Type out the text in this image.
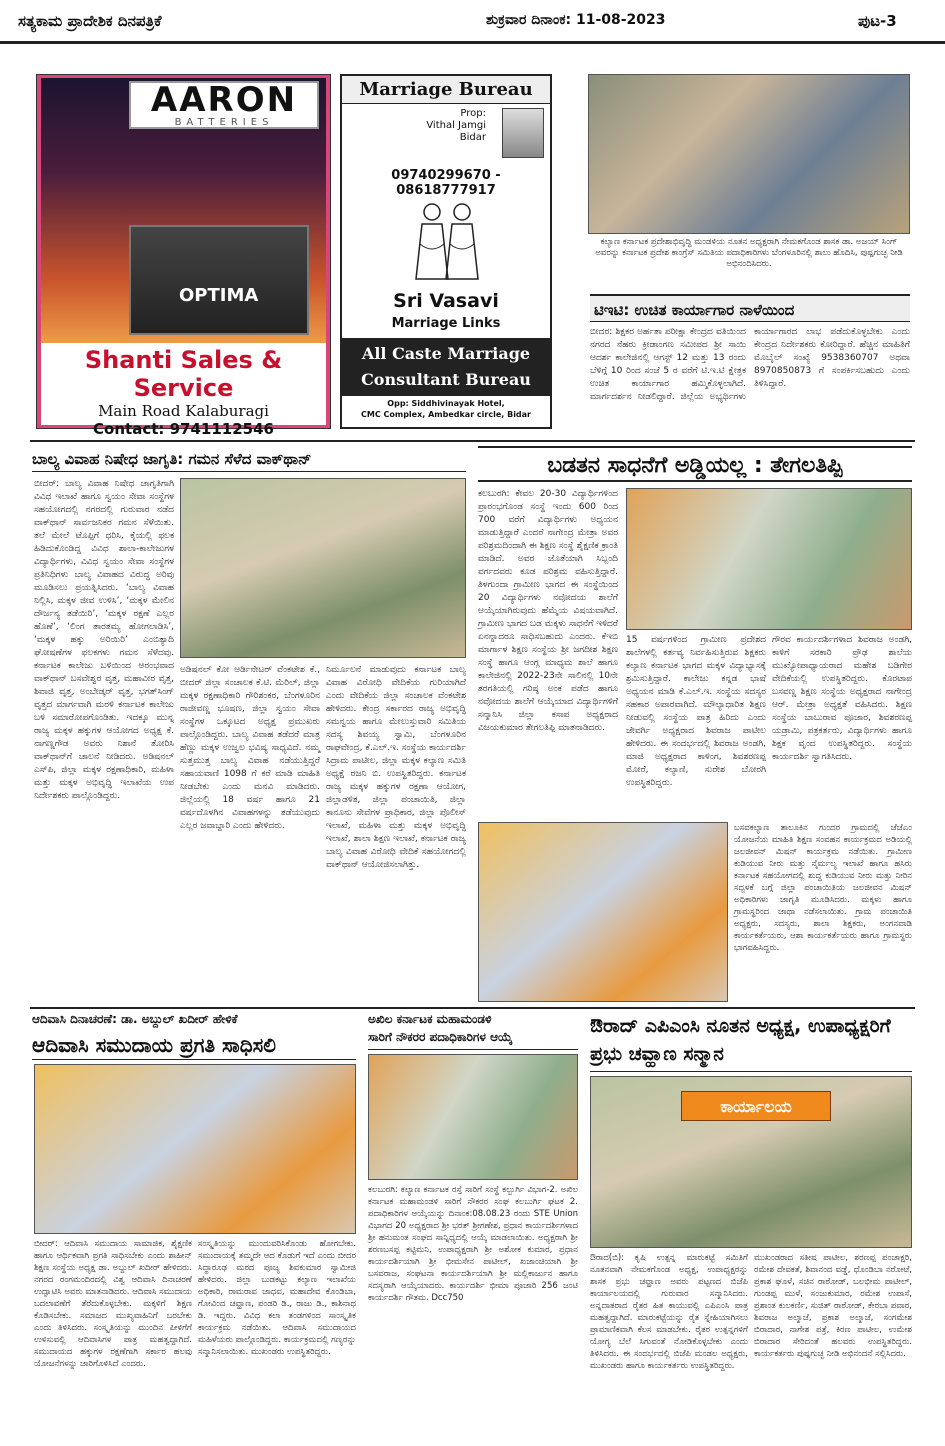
ಸತ್ಯಕಾಮ ಪ್ರಾದೇಶಿಕ ದಿನಪತ್ರಿಕೆ	ಶುಕ್ರವಾರ ದಿನಾಂಕ: 11-08-2023	ಪುಟ-3
AARON
BATTERIES
OPTIMA
Shanti Sales & Service
Main Road Kalaburagi
Contact: 9741112546
Marriage Bureau
Prop:
Vithal Jamgi
Bidar
09740299670 - 08618777917
Sri Vasavi
Marriage Links
All Caste Marriage
Consultant Bureau
Opp: Siddhivinayak Hotel,
CMC Complex, Ambedkar circle, Bidar
ಕಲ್ಯಾಣ ಕರ್ನಾಟಕ ಪ್ರದೇಶಾಭಿವೃದ್ಧಿ ಮಂಡಳಿಯ ನೂತನ ಅಧ್ಯಕ್ಷರಾಗಿ ನೇಮಕಗೊಂಡ ಶಾಸಕ ಡಾ. ಅಜಯ್ ಸಿಂಗ್ ಅವರನ್ನು ಕರ್ನಾಟಕ ಪ್ರದೇಶ ಕಾಂಗ್ರೆಸ್ ಸಮಿತಿಯ ಪದಾಧಿಕಾರಿಗಳು ಬೆಂಗಳೂರಿನಲ್ಲಿ ಶಾಲು ಹೊದಿಸಿ, ಪುಷ್ಪಗುಚ್ಛ ನೀಡಿ ಅಭಿನಂದಿಸಿದರು.
ಟಿಇಟಿ: ಉಚಿತ ಕಾರ್ಯಾಗಾರ ನಾಳೆಯಿಂದ
ಬೀದರ: ಶಿಕ್ಷಕರ ಅರ್ಹತಾ ಪರೀಕ್ಷಾ ಕೇಂದ್ರದ ವತಿಯಿಂದ ನಗರದ ನೆಹರು ಕ್ರೀಡಾಂಗಣ ಸಮೀಪದ ಶ್ರೀ ಸಾಯಿ ಆದರ್ಶ ಕಾಲೇಜಿನಲ್ಲಿ ಆಗಸ್ಟ್ 12 ಮತ್ತು 13 ರಂದು ಬೆಳಿಗ್ಗೆ 10 ರಿಂದ ಸಂಜೆ 5 ರ ವರೆಗೆ ಟಿ.ಇ.ಟಿ ಕ್ಷೇತ್ರಕ ಉಚಿತ ಕಾರ್ಯಾಗಾರ ಹಮ್ಮಿಕೊಳ್ಳಲಾಗಿದೆ. ಮಾರ್ಗದರ್ಶನ ನೀಡಲಿದ್ದಾರೆ. ಜಿಲ್ಲೆಯ ಅಭ್ಯರ್ಥಿಗಳು ಕಾರ್ಯಾಗಾರದ ಲಾಭ ಪಡೆದುಕೊಳ್ಳಬೇಕು ಎಂದು ಕೇಂದ್ರದ ನಿರ್ದೇಶಕರು ಕೋರಿದ್ದಾರೆ. ಹೆಚ್ಚಿನ ಮಾಹಿತಿಗೆ ಮೊಬೈಲ್ ಸಂಖ್ಯೆ 9538360707 ಅಥವಾ 8970850873 ಗೆ ಸಂಪರ್ಕಿಸಬಹುದು ಎಂದು ತಿಳಿಸಿದ್ದಾರೆ.
ಬಾಲ್ಯ ವಿವಾಹ ನಿಷೇಧ ಜಾಗೃತಿ: ಗಮನ ಸೆಳೆದ ವಾಕ್‌ಥಾನ್
ಬೀದರ್: ಬಾಲ್ಯ ವಿವಾಹ ನಿಷೇಧ ಜಾಗೃತಿಗಾಗಿ ವಿವಿಧ ಇಲಾಖೆ ಹಾಗೂ ಸ್ವಯಂ ಸೇವಾ ಸಂಸ್ಥೆಗಳ ಸಹಯೋಗದಲ್ಲಿ ನಗರದಲ್ಲಿ ಗುರುವಾರ ನಡೆದ ವಾಕ್‌ಥಾನ್ ಸಾರ್ವಜನಿಕರ ಗಮನ ಸೆಳೆಯಿತು. ತಲೆ ಮೇಲೆ ಟೊಪ್ಪಿಗೆ ಧರಿಸಿ, ಕೈಯಲ್ಲಿ ಫಲಕ ಹಿಡಿದುಕೊಂಡಿದ್ದ ವಿವಿಧ ಶಾಲಾ-ಕಾಲೇಜುಗಳ ವಿದ್ಯಾರ್ಥಿಗಳು, ವಿವಿಧ ಸ್ವಯಂ ಸೇವಾ ಸಂಸ್ಥೆಗಳ ಪ್ರತಿನಿಧಿಗಳು ಬಾಲ್ಯ ವಿವಾಹದ ವಿರುದ್ಧ ಅರಿವು ಮೂಡಿಸಲು ಪ್ರಯತ್ನಿಸಿದರು. ‘ಬಾಲ್ಯ ವಿವಾಹ ನಿಲ್ಲಿಸಿ, ಮಕ್ಕಳ ಜೀವ ಉಳಿಸಿ’, ‘ಮಕ್ಕಳ ಮೇಲಿನ ದೌರ್ಜನ್ಯ ತಡೆಯಿರಿ’, ‘ಮಕ್ಕಳ ರಕ್ಷಣೆ ಎಲ್ಲರ ಹೊಣೆ’, ‘ಲಿಂಗ ತಾರತಮ್ಯ ಹೋಗಲಾಡಿಸಿ’, ‘ಮಕ್ಕಳ ಹಕ್ಕು ಅರಿಯಿರಿ’ ಎಂಬಿತ್ಯಾದಿ ಘೋಷಣೆಗಳ ಫಲಕಗಳು ಗಮನ ಸೆಳೆದವು. ಕರ್ನಾಟಕ ಕಾಲೇಜು ಬಳಿಯಿಂದ ಆರಂಭವಾದ ವಾಕ್‌ಥಾನ್ ಬಸವೇಶ್ವರ ವೃತ್ತ, ಮಹಾವೀರ ವೃತ್ತ, ಶಿವಾಜಿ ವೃತ್ತ, ಅಂಬೇಡ್ಕರ್ ವೃತ್ತ, ಭಗತ್‌ಸಿಂಗ್ ವೃತ್ತದ ಮಾರ್ಗವಾಗಿ ಮರಳಿ ಕರ್ನಾಟಕ ಕಾಲೇಜು ಬಳಿ ಸಮಾರೋಪಗೊಂಡಿತು. ಇದಕ್ಕೂ ಮುನ್ನ ರಾಜ್ಯ ಮಕ್ಕಳ ಹಕ್ಕುಗಳ ಆಯೋಗದ ಅಧ್ಯಕ್ಷ ಕೆ. ನಾಗಣ್ಣಗೌಡ ಅವರು ನಿಶಾನೆ ತೋರಿಸಿ ವಾಕ್‌ಥಾನ್‌ಗೆ ಚಾಲನೆ ನೀಡಿದರು. ಅಡಿಷನಲ್ ಎಸ್‌ಪಿ, ಜಿಲ್ಲಾ ಮಕ್ಕಳ ರಕ್ಷಣಾಧಿಕಾರಿ, ಮಹಿಳಾ ಮತ್ತು ಮಕ್ಕಳ ಅಭಿವೃದ್ಧಿ ಇಲಾಖೆಯ ಉಪ ನಿರ್ದೇಶಕರು ಪಾಲ್ಗೊಂಡಿದ್ದರು.
ಅಡಿಷನಲ್ ಕೋ ಆರ್ಡಿನೇಟರ್ ವೆಂಕಟೇಶ ಕೆ., ಬೀದರ್ ಜಿಲ್ಲಾ ಸಂಚಾಲಕ ಕೆ.ಟಿ. ಮೆರಿಲ್, ಜಿಲ್ಲಾ ಮಕ್ಕಳ ರಕ್ಷಣಾಧಿಕಾರಿ ಗೌರಿಶಂಕರ, ಬೆಂಗಳೂರಿನ ರಾಜೀವಣ್ಣ ಭೂಷಣ, ಜಿಲ್ಲಾ ಸ್ವಯಂ ಸೇವಾ ಸಂಸ್ಥೆಗಳ ಒಕ್ಕೂಟದ ಅಧ್ಯಕ್ಷ ಪ್ರಮುಖರು ಪಾಲ್ಗೊಂಡಿದ್ದರು. ಬಾಲ್ಯ ವಿವಾಹ ತಡೆದರೆ ಮಾತ್ರ ಹೆಣ್ಣು ಮಕ್ಕಳ ಉಜ್ವಲ ಭವಿಷ್ಯ ಸಾಧ್ಯವಿದೆ. ನಮ್ಮ ಸುತ್ತಮುತ್ತ ಬಾಲ್ಯ ವಿವಾಹ ನಡೆಯುತ್ತಿದ್ದರೆ ಸಹಾಯವಾಣಿ 1098 ಗೆ ಕರೆ ಮಾಡಿ ಮಾಹಿತಿ ನೀಡಬೇಕು ಎಂದು ಮನವಿ ಮಾಡಿದರು. ಜಿಲ್ಲೆಯಲ್ಲಿ 18 ವರ್ಷ ಹಾಗೂ 21 ವರ್ಷದೊಳಗಿನ ವಿವಾಹಗಳನ್ನು ತಡೆಯುವುದು ಎಲ್ಲರ ಜವಾಬ್ದಾರಿ ಎಂದು ಹೇಳಿದರು.
ನಿರ್ಮೂಲನೆ ಮಾಡುವುದು ಕರ್ನಾಟಕ ಬಾಲ್ಯ ವಿವಾಹ ವಿರೋಧಿ ವೇದಿಕೆಯ ಗುರಿಯಾಗಿದೆ ಎಂದು ವೇದಿಕೆಯ ಜಿಲ್ಲಾ ಸಂಚಾಲಕ ವೆಂಕಟೇಶ ಹೇಳಿದರು. ಕೇಂದ್ರ ಸರ್ಕಾರದ ರಾಜ್ಯ ಅಭಿವೃದ್ಧಿ ಸಮನ್ವಯ ಹಾಗೂ ಮೇಲುಸ್ತುವಾರಿ ಸಮಿತಿಯ ಸದಸ್ಯ ಶಿವಯ್ಯ ಸ್ವಾಮಿ, ಬೆಂಗಳೂರಿನ ರಾಘವೇಂದ್ರ, ಕೆ.ಎಲ್.ಇ. ಸಂಸ್ಥೆಯ ಕಾರ್ಯದರ್ಶಿ ಸಿದ್ರಾಮ ಪಾಟೀಲ, ಜಿಲ್ಲಾ ಮಕ್ಕಳ ಕಲ್ಯಾಣ ಸಮಿತಿ ಅಧ್ಯಕ್ಷೆ ರಜನಿ ಬಿ. ಉಪಸ್ಥಿತರಿದ್ದರು. ಕರ್ನಾಟಕ ರಾಜ್ಯ ಮಕ್ಕಳ ಹಕ್ಕುಗಳ ರಕ್ಷಣಾ ಆಯೋಗ, ಜಿಲ್ಲಾಡಳಿತ, ಜಿಲ್ಲಾ ಪಂಚಾಯಿತಿ, ಜಿಲ್ಲಾ ಕಾನೂನು ಸೇವೆಗಳ ಪ್ರಾಧಿಕಾರ, ಜಿಲ್ಲಾ ಪೊಲೀಸ್ ಇಲಾಖೆ, ಮಹಿಳಾ ಮತ್ತು ಮಕ್ಕಳ ಅಭಿವೃದ್ಧಿ ಇಲಾಖೆ, ಶಾಲಾ ಶಿಕ್ಷಣ ಇಲಾಖೆ, ಕರ್ನಾಟಕ ರಾಜ್ಯ ಬಾಲ್ಯ ವಿವಾಹ ವಿರೋಧಿ ವೇದಿಕೆ ಸಹಯೋಗದಲ್ಲಿ ವಾಕ್‌ಥಾನ್ ಆಯೋಜಿಸಲಾಗಿತ್ತು.
ಬಡತನ ಸಾಧನೆಗೆ ಅಡ್ಡಿಯಲ್ಲ : ತೇಗಲತಿಪ್ಪಿ
ಕಲಬುರಗಿ: ಕೇವಲ 20-30 ವಿದ್ಯಾರ್ಥಿಗಳಿಂದ ಪ್ರಾರಂಭಗೊಂಡ ಸಂಸ್ಥೆ ಇಂದು 600 ರಿಂದ 700 ವರೆಗೆ ವಿದ್ಯಾರ್ಥಿಗಳು ಅಧ್ಯಯನ ಮಾಡುತ್ತಿದ್ದಾರೆ ಎಂದರೆ ನಾಗೇಂದ್ರ ಮೇತ್ರಾ ಅವರ ಪರಿಶ್ರಮದಿಂದಾಗಿ ಈ ಶಿಕ್ಷಣ ಸಂಸ್ಥೆ ಶೈಕ್ಷಣಿಕ ಕ್ರಾಂತಿ ಮಾಡಿದೆ. ಅವರ ಜೊತೆಯಾಗಿ ಸಿಬ್ಬಂದಿ ವರ್ಗದವರು ಕೂಡ ಪರಿಶ್ರಮ ವಹಿಸುತ್ತಿದ್ದಾರೆ. ತಿಳಗುಂದಾ ಗ್ರಾಮೀಣ ಭಾಗದ ಈ ಸಂಸ್ಥೆಯಿಂದ 20 ವಿದ್ಯಾರ್ಥಿಗಳು ನವೋದಯ ಶಾಲೆಗೆ ಆಯ್ಕೆಯಾಗಿರುವುದು ಹೆಮ್ಮೆಯ ವಿಷಯವಾಗಿದೆ. ಗ್ರಾಮೀಣ ಭಾಗದ ಬಡ ಮಕ್ಕಳು ಸಾಧನೆಗೆ ಇಳಿದರೆ ಏನನ್ನಾದರೂ ಸಾಧಿಸಬಹುದು ಎಂದರು. ಕೆಇಬಿ ಮಾರ್ಗಾಳ ಶಿಕ್ಷಣ ಸಂಸ್ಥೆಯ ಶ್ರೀ ಜಗದೀಶ ಶಿಕ್ಷಣ ಸಂಸ್ಥೆ ಹಾಗೂ ಆಂಗ್ಲ ಮಾಧ್ಯಮ ಶಾಲೆ ಹಾಗೂ ಕಾಲೇಜಿನಲ್ಲಿ 2022-23ನೇ ಸಾಲಿನಲ್ಲಿ 10ನೇ ತರಗತಿಯಲ್ಲಿ ಗರಿಷ್ಠ ಅಂಕ ಪಡೆದ ಹಾಗೂ ನವೋದಯ ಶಾಲೆಗೆ ಆಯ್ಕೆಯಾದ ವಿದ್ಯಾರ್ಥಿಗಳಿಗೆ ಸನ್ಮಾನಿಸಿ ಜಿಲ್ಲಾ ಕಸಾಪ ಅಧ್ಯಕ್ಷರಾದ ವಿಜಯಕುಮಾರ ತೇಗಲತಿಪ್ಪಿ ಮಾತನಾಡಿದರು.
15 ವರ್ಷಗಳಿಂದ ಗ್ರಾಮೀಣ ಪ್ರದೇಶದ ಶಾಲೆಗಳಲ್ಲಿ ಕರ್ತವ್ಯ ನಿರ್ವಹಿಸುತ್ತಿರುವ ಶಿಕ್ಷಕರು ಕಲ್ಯಾಣ ಕರ್ನಾಟಕ ಭಾಗದ ಮಕ್ಕಳ ವಿದ್ಯಾಭ್ಯಾಸಕ್ಕೆ ಶ್ರಮಿಸುತ್ತಿದ್ದಾರೆ. ಕಾಲೇಜು ಕನ್ನಡ ಭಾಷೆ ಅಧ್ಯಯನ ಮಾಡಿ ಕೆ.ಎಲ್.ಇ. ಸಂಸ್ಥೆಯ ಸದಸ್ಯರ ಸಹಕಾರ ಅಪಾರವಾಗಿದೆ. ಮೌಲ್ಯಾಧಾರಿತ ಶಿಕ್ಷಣ ನೀಡುವಲ್ಲಿ ಸಂಸ್ಥೆಯ ಪಾತ್ರ ಹಿರಿದು ಎಂದು ಜೇವರ್ಗಿ ಅಧ್ಯಕ್ಷರಾದ ಶಿವರಾಜ ಪಾಟೀಲ ಹೇಳಿದರು. ಈ ಸಂದರ್ಭದಲ್ಲಿ ಶಿವರಾಜ ಅಂಡಗಿ, ಮಾಜಿ ಅಧ್ಯಕ್ಷರಾದ ಕಾಳಿಂಗ, ಶಿವಶರಣಪ್ಪ ಮೋರೆ, ಕಲ್ಯಾಣಿ, ಸುರೇಶ ಬೋರಗಿ ಉಪಸ್ಥಿತರಿದ್ದರು.
ಗೌರವ ಕಾರ್ಯದರ್ಶಿಗಳಾದ ಶಿವರಾಜ ಅಂಡಗಿ, ಕಾಳಿಗೆ ಸರಕಾರಿ ಪ್ರೌಢ ಶಾಲೆಯ ಮುಖ್ಯೋಪಾಧ್ಯಾಯರಾದ ಮಹೇಶ ಬಡಿಗೇರ ವೇದಿಕೆಯಲ್ಲಿ ಉಪಸ್ಥಿತರಿದ್ದರು. ಕೊರಟಾಪ ಬಸವಣ್ಣ ಶಿಕ್ಷಣ ಸಂಸ್ಥೆಯ ಅಧ್ಯಕ್ಷರಾದ ನಾಗೇಂದ್ರ ಆರ್. ಮೇತ್ರಾ ಅಧ್ಯಕ್ಷತೆ ವಹಿಸಿದರು. ಶಿಕ್ಷಣ ಸಂಸ್ಥೆಯ ಬಾಬುರಾವ ಪೂಜಾರ, ಶಿವಶರಣಪ್ಪ ಯಡ್ರಾಮಿ, ಪತ್ರಕರ್ತರು, ವಿದ್ಯಾರ್ಥಿಗಳು ಹಾಗೂ ಶಿಕ್ಷಕ ವೃಂದ ಉಪಸ್ಥಿತರಿದ್ದರು. ಸಂಸ್ಥೆಯ ಕಾರ್ಯದರ್ಶಿ ಸ್ವಾಗತಿಸಿದರು.
ಬಸವಕಲ್ಯಾಣ ತಾಲೂಕಿನ ಗುಂದರ ಗ್ರಾಮದಲ್ಲಿ ಜೆಜೆಎಂ ಯೋಜನೆಯ ಮಾಹಿತಿ ಶಿಕ್ಷಣ ಸಂವಹನ ಕಾರ್ಯಕ್ರಮದ ಅಡಿಯಲ್ಲಿ ಜಲಜೀವನ್ ಮಿಷನ್ ಕಾರ್ಯಕ್ರಮ ನಡೆಯಿತು. ಗ್ರಾಮೀಣ ಕುಡಿಯುವ ನೀರು ಮತ್ತು ನೈರ್ಮಲ್ಯ ಇಲಾಖೆ ಹಾಗೂ ಹಸಿರು ಕರ್ನಾಟಕ ಸಹಯೋಗದಲ್ಲಿ ಶುದ್ಧ ಕುಡಿಯುವ ನೀರು ಮತ್ತು ನೀರಿನ ಸದ್ಬಳಕೆ ಬಗ್ಗೆ ಜಿಲ್ಲಾ ಪಂಚಾಯಿತಿಯ ಜಲಜೀವನ ಮಿಷನ್ ಅಧಿಕಾರಿಗಳು ಜಾಗೃತಿ ಮೂಡಿಸಿದರು. ಮಕ್ಕಳು ಹಾಗೂ ಗ್ರಾಮಸ್ಥರಿಂದ ಜಾಥಾ ನಡೆಸಲಾಯಿತು. ಗ್ರಾಮ ಪಂಚಾಯಿತಿ ಅಧ್ಯಕ್ಷರು, ಸದಸ್ಯರು, ಶಾಲಾ ಶಿಕ್ಷಕರು, ಅಂಗನವಾಡಿ ಕಾರ್ಯಕರ್ತೆಯರು, ಆಶಾ ಕಾರ್ಯಕರ್ತೆಯರು ಹಾಗೂ ಗ್ರಾಮಸ್ಥರು ಭಾಗವಹಿಸಿದ್ದರು.
ಆದಿವಾಸಿ ದಿನಾಚರಣೆ: ಡಾ. ಅಬ್ದುಲ್ ಖದೀರ್ ಹೇಳಿಕೆ
ಆದಿವಾಸಿ ಸಮುದಾಯ ಪ್ರಗತಿ ಸಾಧಿಸಲಿ
ಬೀದರ್: ಆದಿವಾಸಿ ಸಮುದಾಯ ಸಾಮಾಜಿಕ, ಶೈಕ್ಷಣಿಕ ಹಾಗೂ ಆರ್ಥಿಕವಾಗಿ ಪ್ರಗತಿ ಸಾಧಿಸಬೇಕು ಎಂದು ಶಾಹೀನ್ ಶಿಕ್ಷಣ ಸಂಸ್ಥೆಯ ಅಧ್ಯಕ್ಷ ಡಾ. ಅಬ್ದುಲ್ ಖದೀರ್ ಹೇಳಿದರು. ನಗರದ ರಂಗಮಂದಿರದಲ್ಲಿ ವಿಶ್ವ ಆದಿವಾಸಿ ದಿನಾಚರಣೆ ಉದ್ಘಾಟಿಸಿ ಅವರು ಮಾತನಾಡಿದರು. ಆದಿವಾಸಿ ಸಮುದಾಯ ಬದಲಾವಣೆಗೆ ತೆರೆದುಕೊಳ್ಳಬೇಕು. ಮಕ್ಕಳಿಗೆ ಶಿಕ್ಷಣ ಕೊಡಿಸಬೇಕು. ಸಮಾಜದ ಮುಖ್ಯವಾಹಿನಿಗೆ ಬರಬೇಕು ಎಂದು ತಿಳಿಸಿದರು. ಸಂಸ್ಕೃತಿಯನ್ನು ಮುಂದಿನ ಪೀಳಿಗೆಗೆ ಉಳಿಸುವಲ್ಲಿ ಆದಿವಾಸಿಗಳ ಪಾತ್ರ ಮಹತ್ವದ್ದಾಗಿದೆ. ಸಮುದಾಯದ ಹಕ್ಕುಗಳ ರಕ್ಷಣೆಗಾಗಿ ಸರ್ಕಾರ ಹಲವು ಯೋಜನೆಗಳನ್ನು ಜಾರಿಗೊಳಿಸಿದೆ ಎಂದರು.
ಸಂಸ್ಕೃತಿಯನ್ನು ಮುಂದುವರಿಸಿಕೊಂಡು ಹೋಗಬೇಕು. ಸಮುದಾಯಕ್ಕೆ ತಮ್ಮದೇ ಆದ ಕೊಡುಗೆ ಇದೆ ಎಂದು ಬೀದರ ಸಿದ್ಧಾರೂಢ ಮಠದ ಪೂಜ್ಯ ಶಿವಕುಮಾರ ಸ್ವಾಮೀಜಿ ಹೇಳಿದರು. ಜಿಲ್ಲಾ ಬುಡಕಟ್ಟು ಕಲ್ಯಾಣ ಇಲಾಖೆಯ ಅಧಿಕಾರಿ, ರಾಮರಾವ ಜಾಧವ, ಮಹಾದೇವ ಕೊಂಡಿಬಾ, ಗೋವಿಂದ ಚವ್ಹಾಣ, ಪಂಡರಿ ಡಿ., ರಾಜು ಡಿ., ಕಾಶಿನಾಥ ಡಿ. ಇದ್ದರು. ವಿವಿಧ ಕಲಾ ತಂಡಗಳಿಂದ ಸಾಂಸ್ಕೃತಿಕ ಕಾರ್ಯಕ್ರಮ ನಡೆಯಿತು. ಆದಿವಾಸಿ ಸಮುದಾಯದ ಮಹಿಳೆಯರು ಪಾಲ್ಗೊಂಡಿದ್ದರು. ಕಾರ್ಯಕ್ರಮದಲ್ಲಿ ಗಣ್ಯರನ್ನು ಸನ್ಮಾನಿಸಲಾಯಿತು. ಮುಖಂಡರು ಉಪಸ್ಥಿತರಿದ್ದರು.
ಅಖಿಲ ಕರ್ನಾಟಕ ಮಹಾಮಂಡಳಿ
ಸಾರಿಗೆ ನೌಕರರ ಪದಾಧಿಕಾರಿಗಳ ಆಯ್ಕೆ
ಕಲಬುರಗಿ: ಕಲ್ಯಾಣ ಕರ್ನಾಟಕ ರಸ್ತೆ ಸಾರಿಗೆ ಸಂಸ್ಥೆ ಕಲ್ಬುರ್ಗಿ ವಿಭಾಗ-2. ಅಖಿಲ ಕರ್ನಾಟಕ ಮಹಾಮಂಡಳಿ ಸಾರಿಗೆ ನೌಕರರ ಸಂಘ ಕಲಬುರ್ಗಿ ಘಟಕ 2. ಪದಾಧಿಕಾರಿಗಳ ಆಯ್ಕೆಯನ್ನು ದಿನಾಂಕ:08.08.23 ರಂದು STE Union ವಿಭಾಗದ 20 ಅಧ್ಯಕ್ಷರಾದ ಶ್ರೀ ಭರತ್ ಶ್ರೀಗಣೇಶ, ಪ್ರಧಾನ ಕಾರ್ಯದರ್ಶಿಗಳಾದ ಶ್ರೀ ಹನುಮಂತ ಸಂಘದ ಸಾನ್ನಿಧ್ಯದಲ್ಲಿ ಆಯ್ಕೆ ಮಾಡಲಾಯಿತು. ಅಧ್ಯಕ್ಷರಾಗಿ ಶ್ರೀ ಶರಣಬಸಪ್ಪ ಕಟ್ಟಿಮನಿ, ಉಪಾಧ್ಯಕ್ಷರಾಗಿ ಶ್ರೀ ಅಶೋಕ ಕುಮಾರ, ಪ್ರಧಾನ ಕಾರ್ಯದರ್ಶಿಯಾಗಿ ಶ್ರೀ ಭೀಮಸೇನ ಪಾಟೀಲ್, ಖಜಾಂಚಿಯಾಗಿ ಶ್ರೀ ಬಸವರಾಜ, ಸಂಘಟನಾ ಕಾರ್ಯದರ್ಶಿಯಾಗಿ ಶ್ರೀ ಮಲ್ಲಿಕಾರ್ಜುನ ಹಾಗೂ ಸದಸ್ಯರಾಗಿ ಆಯ್ಕೆಯಾದರು. ಕಾರ್ಯದರ್ಶಿ ಭೀಮಾ ಪೂಜಾರಿ 256 ಜಂಟಿ ಕಾರ್ಯದರ್ಶಿ ಗೌತಮ. Dcc750
ಔರಾದ್ ಎಪಿಎಂಸಿ ನೂತನ ಅಧ್ಯಕ್ಷ, ಉಪಾಧ್ಯಕ್ಷರಿಗೆ ಪ್ರಭು ಚವ್ಹಾಣ ಸನ್ಮಾನ
ಕಾರ್ಯಾಲಯ
ಔರಾದ(ಬಿ): ಕೃಷಿ ಉತ್ಪನ್ನ ಮಾರುಕಟ್ಟೆ ಸಮಿತಿಗೆ ನೂತನವಾಗಿ ನೇಮಕಗೊಂಡ ಅಧ್ಯಕ್ಷ, ಉಪಾಧ್ಯಕ್ಷರನ್ನು ಶಾಸಕ ಪ್ರಭು ಚವ್ಹಾಣ ಅವರು ಪಟ್ಟಣದ ಬಿಜೆಪಿ ಕಾರ್ಯಾಲಯದಲ್ಲಿ ಗುರುವಾರ ಸನ್ಮಾನಿಸಿದರು. ಅನ್ನದಾತರಾದ ರೈತರ ಹಿತ ಕಾಯುವಲ್ಲಿ ಎಪಿಎಂಸಿ ಪಾತ್ರ ಮಹತ್ವದ್ದಾಗಿದೆ. ಮಾರುಕಟ್ಟೆಯನ್ನು ರೈತ ಸ್ನೇಹಿಯಾಗಿಸಲು ಪ್ರಾಮಾಣಿಕವಾಗಿ ಕೆಲಸ ಮಾಡಬೇಕು. ರೈತರ ಉತ್ಪನ್ನಗಳಿಗೆ ಯೋಗ್ಯ ಬೆಲೆ ಸಿಗುವಂತೆ ನೋಡಿಕೊಳ್ಳಬೇಕು ಎಂದು ತಿಳಿಸಿದರು. ಈ ಸಂದರ್ಭದಲ್ಲಿ ಬಿಜೆಪಿ ಮಂಡಲ ಅಧ್ಯಕ್ಷರು, ಮುಖಂಡರು ಹಾಗೂ ಕಾರ್ಯಕರ್ತರು ಉಪಸ್ಥಿತರಿದ್ದರು.
ಮುಖಂಡರಾದ ಸತೀಷ ಪಾಟೀಲ, ಶರಣಪ್ಪ ಪಂಚಾಕ್ಷರಿ, ರಮೇಶ ದೇವಕತೆ, ಶಿವಾನಂದ ವಡ್ಡೆ, ಧೊಂಡಿಬಾ ನರೋಟೆ, ಪ್ರಕಾಶ ಘೂಳೆ, ಸಚಿನ ರಾಠೋಡ್, ಬಲಭೀಮ ಪಾಟೀಲ್, ಗುಂಡಪ್ಪ ಮುಳೆ, ಸಂಜುಕುಮಾರ, ರಮೇಶ ಉಪಾಸೆ, ಪ್ರಶಾಂತ ಕುಲಕರ್ಣಿ, ಸುಜಿತ್ ರಾಠೋಡ್, ಕೇರಬಾ ಪವಾರ, ಶಿವರಾಜ ಅಲ್ಮಾಜೆ, ಪ್ರಕಾಶ ಅಲ್ಮಾಜೆ, ಸಂಗಮೇಶ ಬಿರಾದಾರ, ನಾಗೇಶ ಪತ್ರೆ, ಕಿರಣ ಪಾಟೀಲ, ಉಮೇಶ ಬಿರಾದಾರ ಸೇರಿದಂತೆ ಹಲವರು ಉಪಸ್ಥಿತರಿದ್ದರು. ಕಾರ್ಯಕರ್ತರು ಪುಷ್ಪಗುಚ್ಛ ನೀಡಿ ಅಭಿನಂದನೆ ಸಲ್ಲಿಸಿದರು.
